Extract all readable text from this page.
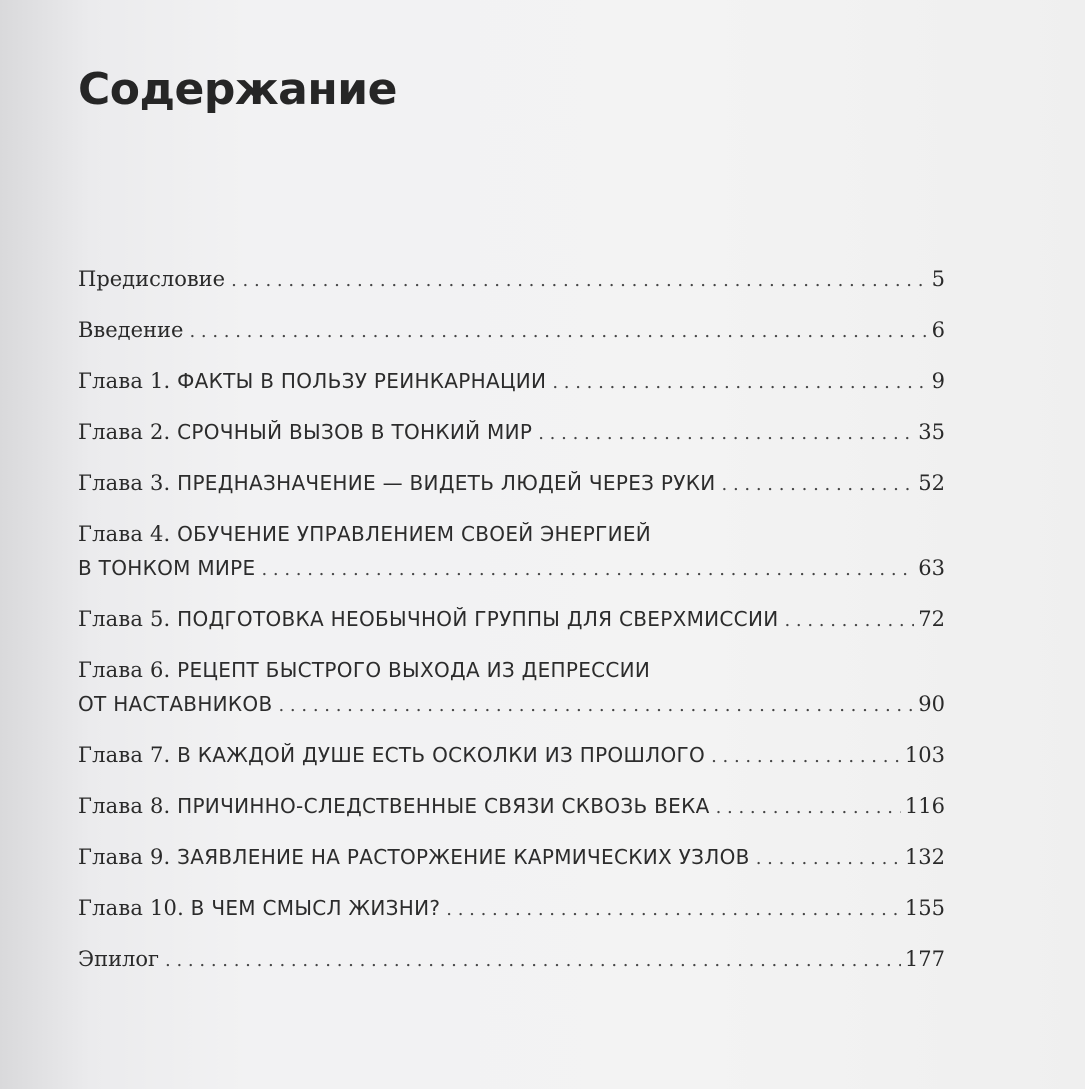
Содержание
Предисловие . . .	5
Введение . . .	6
Глава 1. ФАКТЫ В ПОЛЬЗУ РЕИНКАРНАЦИИ . . .	9
Глава 2. СРОЧНЫЙ ВЫЗОВ В ТОНКИЙ МИР . . .	35
Глава 3. ПРЕДНАЗНАЧЕНИЕ — ВИДЕТЬ ЛЮДЕЙ ЧЕРЕЗ РУКИ . . .	52
Глава 4. ОБУЧЕНИЕ УПРАВЛЕНИЕМ СВОЕЙ ЭНЕРГИЕЙ
В ТОНКОМ МИРЕ . . .	63
Глава 5. ПОДГОТОВКА НЕОБЫЧНОЙ ГРУППЫ ДЛЯ СВЕРХМИССИИ . . .	72
Глава 6. РЕЦЕПТ БЫСТРОГО ВЫХОДА ИЗ ДЕПРЕССИИ
ОТ НАСТАВНИКОВ . . .	90
Глава 7. В КАЖДОЙ ДУШЕ ЕСТЬ ОСКОЛКИ ИЗ ПРОШЛОГО . . .	103
Глава 8. ПРИЧИННО-СЛЕДСТВЕННЫЕ СВЯЗИ СКВОЗЬ ВЕКА . . .	116
Глава 9. ЗАЯВЛЕНИЕ НА РАСТОРЖЕНИЕ КАРМИЧЕСКИХ УЗЛОВ . . .	132
Глава 10. В ЧЕМ СМЫСЛ ЖИЗНИ? . . .	155
Эпилог . . .	177
